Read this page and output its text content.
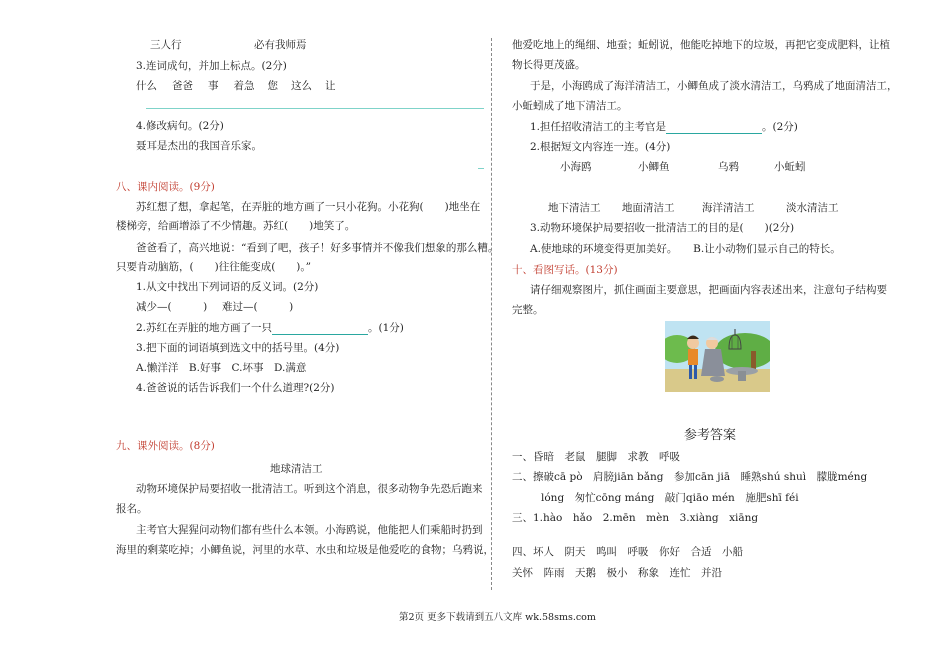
三人行	必有我师焉
3.连词成句，并加上标点。(2分)
什么 爸爸 事 着急 您 这么 让
4.修改病句。(2分)
聂耳是杰出的我国音乐家。
八、课内阅读。(9分)
苏红想了想，拿起笔，在弄脏的地方画了一只小花狗。小花狗(　　)地坐在
楼梯旁，给画增添了不少情趣。苏红(　　)地笑了。
爸爸看了，高兴地说：“看到了吧，孩子！好多事情并不像我们想象的那么糟。
只要肯动脑筋，(　　)往往能变成(　　)。”
1.从文中找出下列词语的反义词。(2分)
减少—(　　　) 难过—(　　　)
2.苏红在弄脏的地方画了一只	。(1分)
3.把下面的词语填到选文中的括号里。(4分)
A.懒洋洋　B.好事　C.坏事　D.满意
4.爸爸说的话告诉我们一个什么道理?(2分)
九、课外阅读。(8分)
地球清洁工
动物环境保护局要招收一批清洁工。听到这个消息，很多动物争先恐后跑来
报名。
主考官大猩猩问动物们都有些什么本领。小海鸥说，他能把人们乘船时扔到
海里的剩菜吃掉；小鲫鱼说，河里的水草、水虫和垃圾是他爱吃的食物；乌鸦说，
他爱吃地上的绳细、地蚕；蚯蚓说，他能吃掉地下的垃圾，再把它变成肥料，让植
物长得更茂盛。
于是，小海鸥成了海洋清洁工，小鲫鱼成了淡水清洁工，乌鸦成了地面清洁工，
小蚯蚓成了地下清洁工。
1.担任招收清洁工的主考官是	。(2分)
2.根据短文内容连一连。(4分)
小海鸥	小鲫鱼	乌鸦	小蚯蚓
地下清洁工 地面清洁工	海洋清洁工	淡水清洁工
3.动物环境保护局要招收一批清洁工的目的是(　　)(2分)
A.使地球的环境变得更加美好。　　B.让小动物们显示自己的特长。
十、看图写话。(13分)
请仔细观察图片，抓住画面主要意思，把画面内容表述出来，注意句子结构要
完整。
参考答案
一、昏暗　老鼠　腿脚　求教　呼吸
二、擦破cā pò　肩膀jiān bǎng　参加cān jiā　睡熟shú shuì　朦胧méng
lóng　匆忙cōng máng　敲门qiāo mén　施肥shī féi
三、1.hào　hǎo　2.mēn　mèn　3.xiàng　xiāng
四、坏人　阴天　鸣叫　呼吸　你好　合适　小船
关怀　阵雨　天鹅　极小　称象　连忙　并沿
第2页 更多下载请到五八文库 wk.58sms.com
